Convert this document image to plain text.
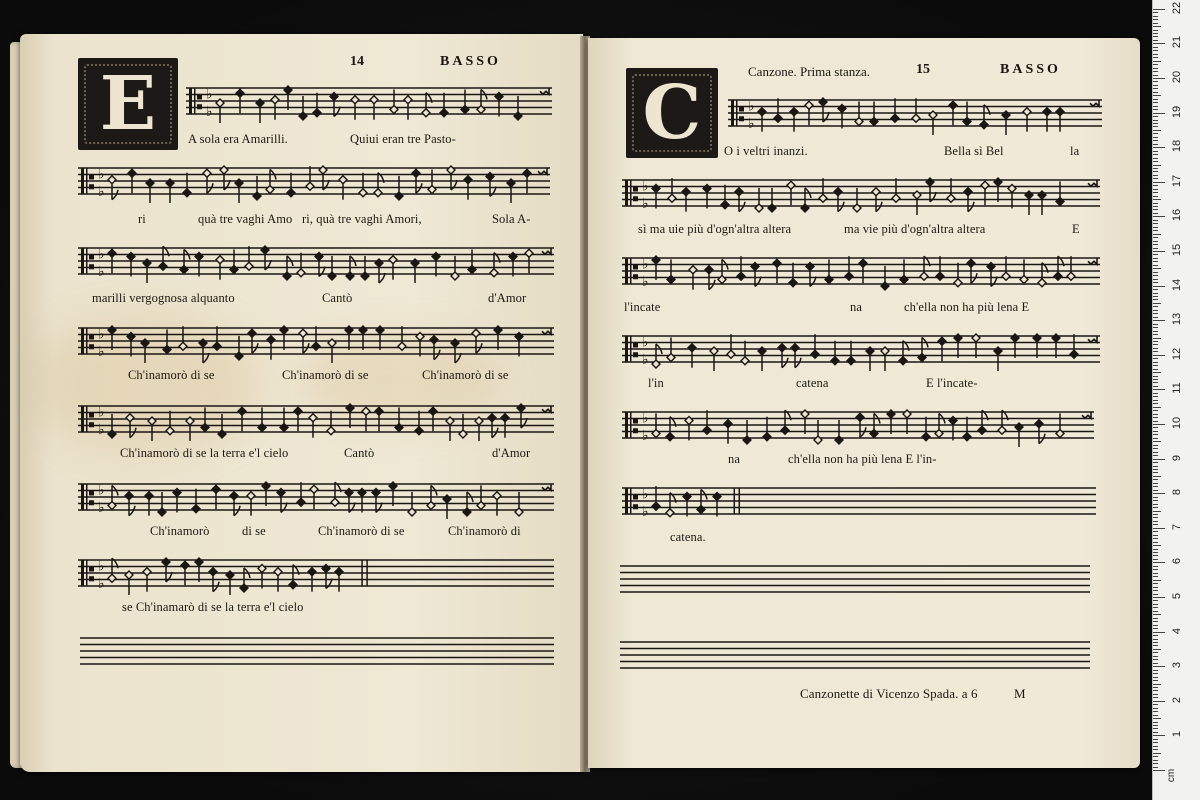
14	BASSO
E	♭
♭
♭
♭
♭
♭
♭
♭
♭
♭
♭
♭
♭
♭
A sola era Amarilli.	Quiui eran tre Pasto-
ri	quà tre vaghi Amo ri, quà tre vaghi Amori,	Sola A-
marilli vergognosa alquanto	Cantò	d'Amor
Ch'inamorò di se	Ch'inamorò di se	Ch'inamorò di se
Ch'inamorò di se la terra e'l cielo	Cantò	d'Amor
Ch'inamorò	di se	Ch'inamorò di se	Ch'inamorò di
se Ch'inamarò di se la terra e'l cielo
Canzone. Prima stanza.	15	BASSO
C	♭
♭
♭
♭
♭
♭
♭
♭
♭
♭
♭
♭
O i veltri inanzi.	Bella sì Bel	la
sì ma uie più d'ogn'altra altera	ma vie più d'ogn'altra altera	E
l'incate	na	ch'ella non ha più lena E
l'in	catena	E l'incate-
na	ch'ella non ha più lena E l'in-
catena.
Canzonette di Vicenzo Spada. a 6	M
cm
1
2
3
4
5
6
7
8
9
10
11
12
13
14
15
16
17
18
19
20
21
22
